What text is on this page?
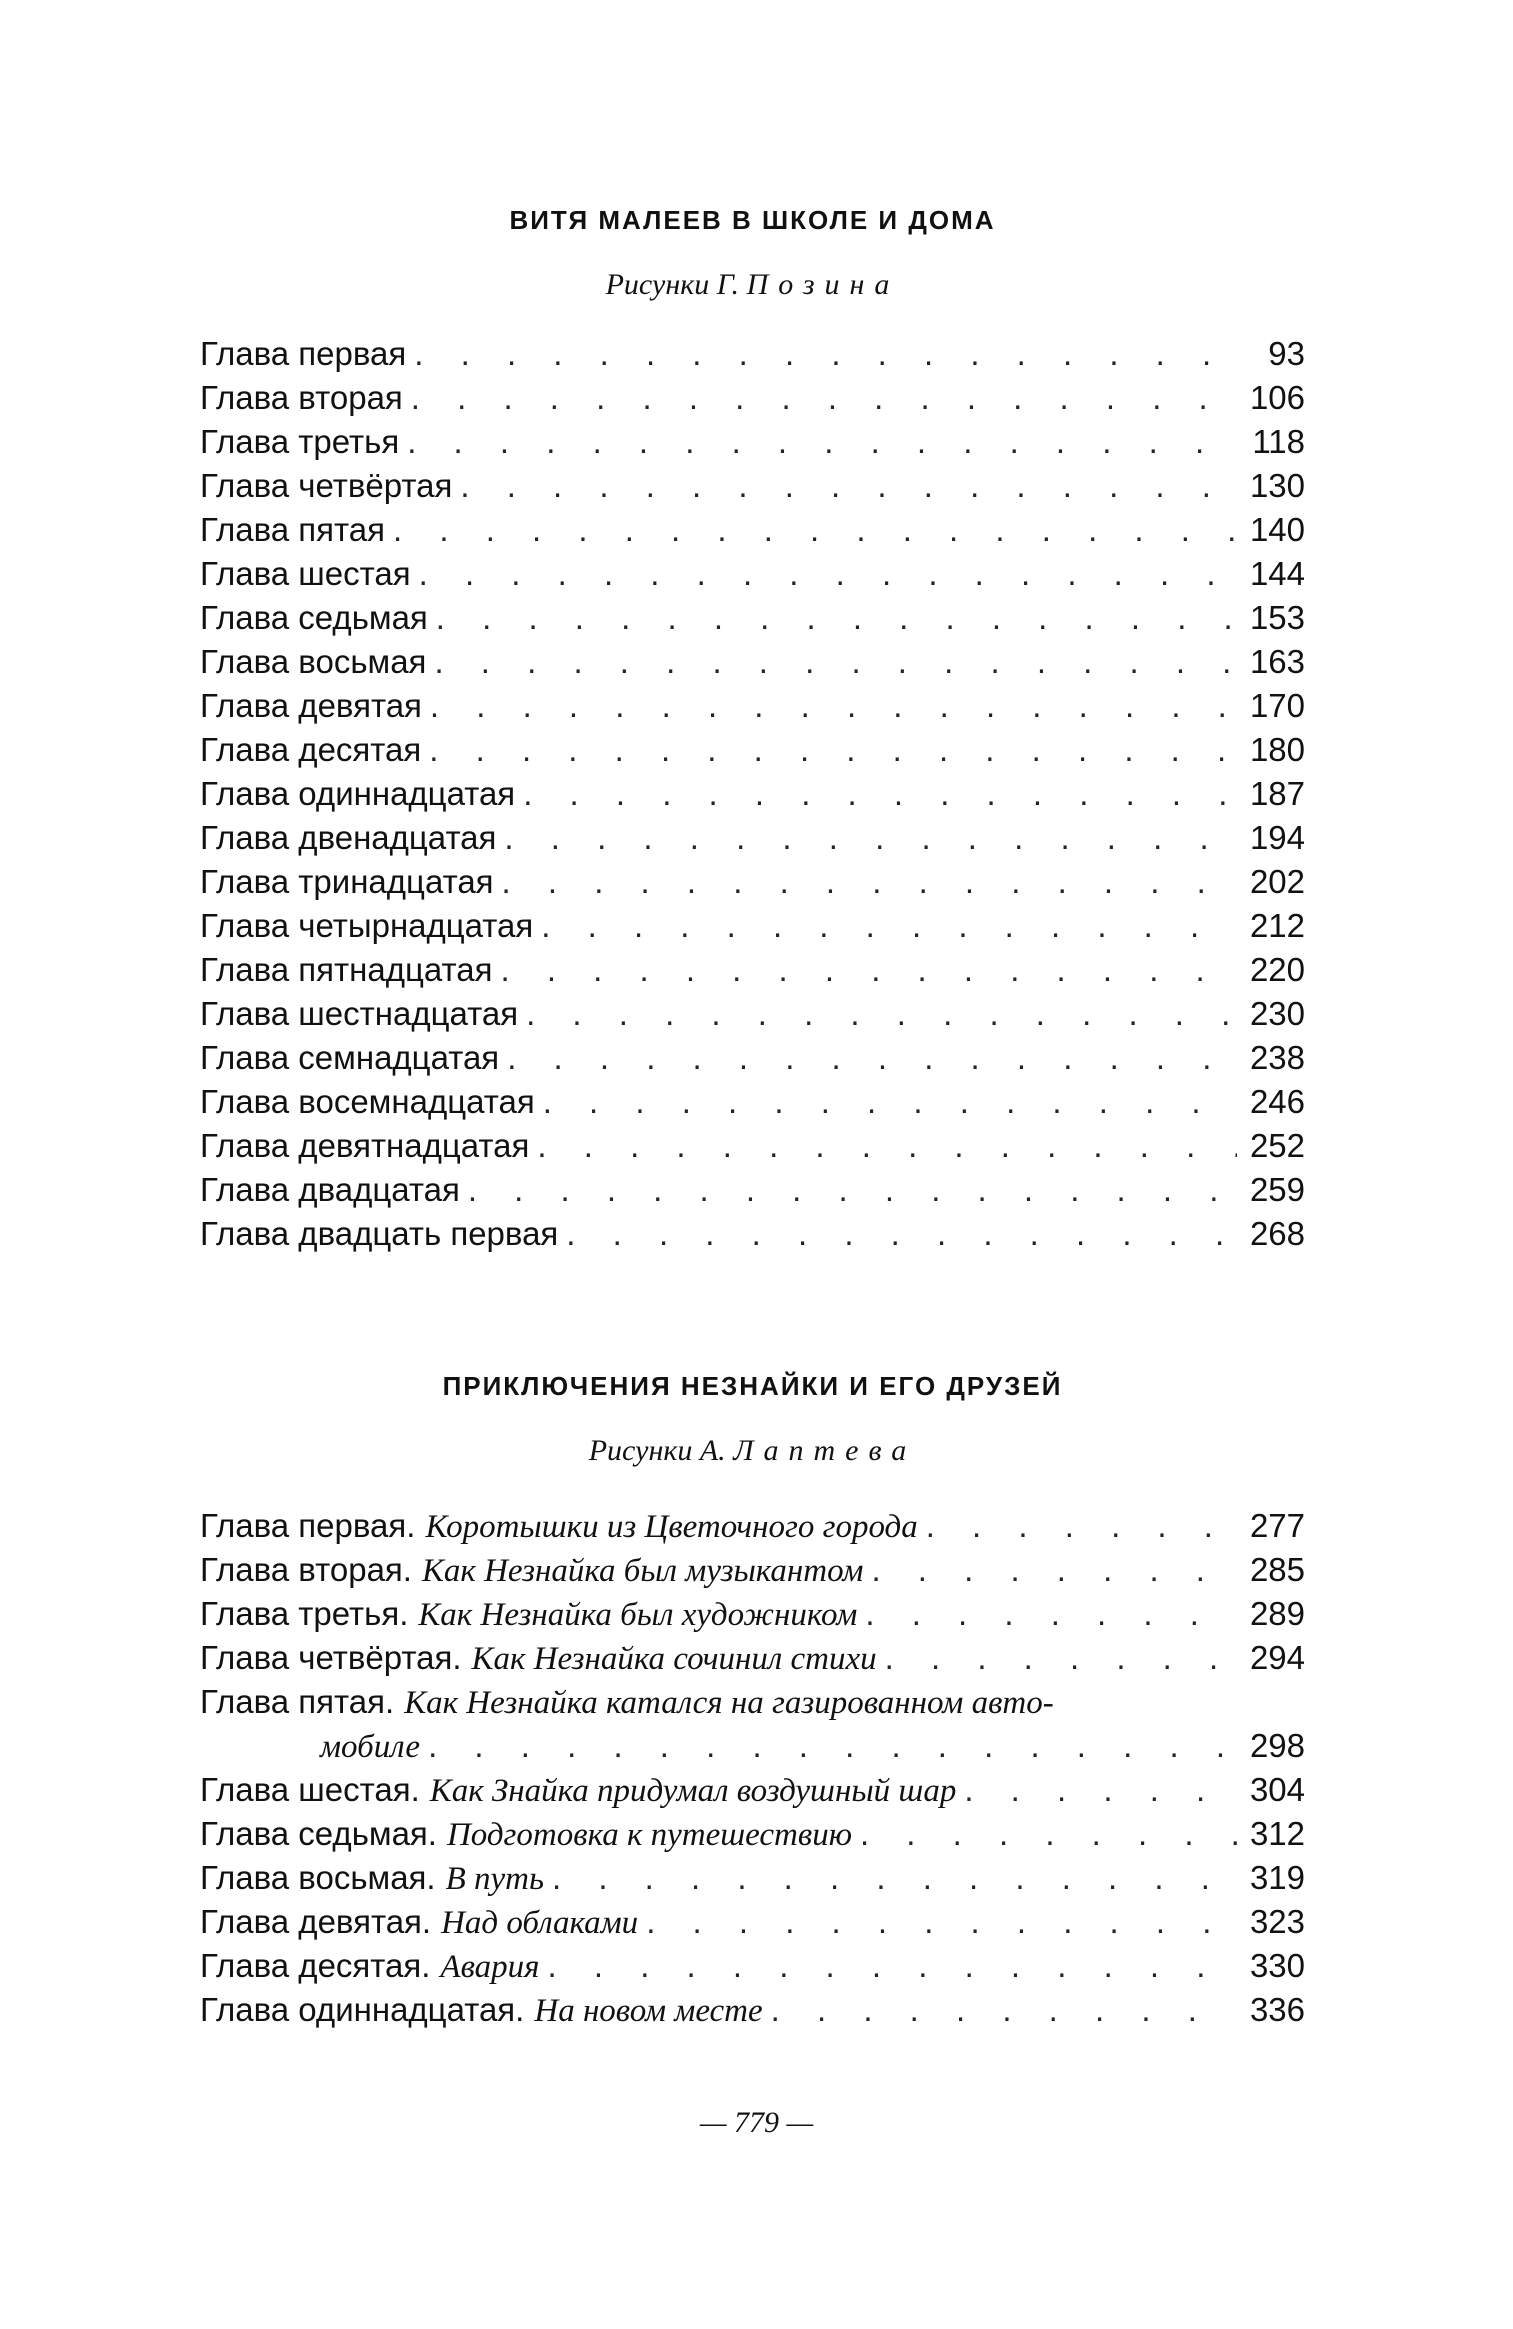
ВИТЯ МАЛЕЕВ В ШКОЛЕ И ДОМА
Рисунки Г. Позина
Глава первая . . .	93
Глава вторая . . .	106
Глава третья . . .	118
Глава четвёртая . . .	130
Глава пятая . . .	140
Глава шестая . . .	144
Глава седьмая . . .	153
Глава восьмая . . .	163
Глава девятая . . .	170
Глава десятая . . .	180
Глава одиннадцатая . . .	187
Глава двенадцатая . . .	194
Глава тринадцатая . . .	202
Глава четырнадцатая . . .	212
Глава пятнадцатая . . .	220
Глава шестнадцатая . . .	230
Глава семнадцатая . . .	238
Глава восемнадцатая . . .	246
Глава девятнадцатая . . .	252
Глава двадцатая . . .	259
Глава двадцать первая . . .	268
ПРИКЛЮЧЕНИЯ НЕЗНАЙКИ И ЕГО ДРУЗЕЙ
Рисунки А. Лаптева
Глава первая. Коротышки из Цветочного города . . .	277
Глава вторая. Как Незнайка был музыкантом . . .	285
Глава третья. Как Незнайка был художником . . .	289
Глава четвёртая. Как Незнайка сочинил стихи . . .	294
Глава пятая. Как Незнайка катался на газированном авто-
мобиле . . .	298
Глава шестая. Как Знайка придумал воздушный шар . . .	304
Глава седьмая. Подготовка к путешествию . . .	312
Глава восьмая. В путь . . .	319
Глава девятая. Над облаками . . .	323
Глава десятая. Авария . . .	330
Глава одиннадцатая. На новом месте . . .	336
— 779 —
